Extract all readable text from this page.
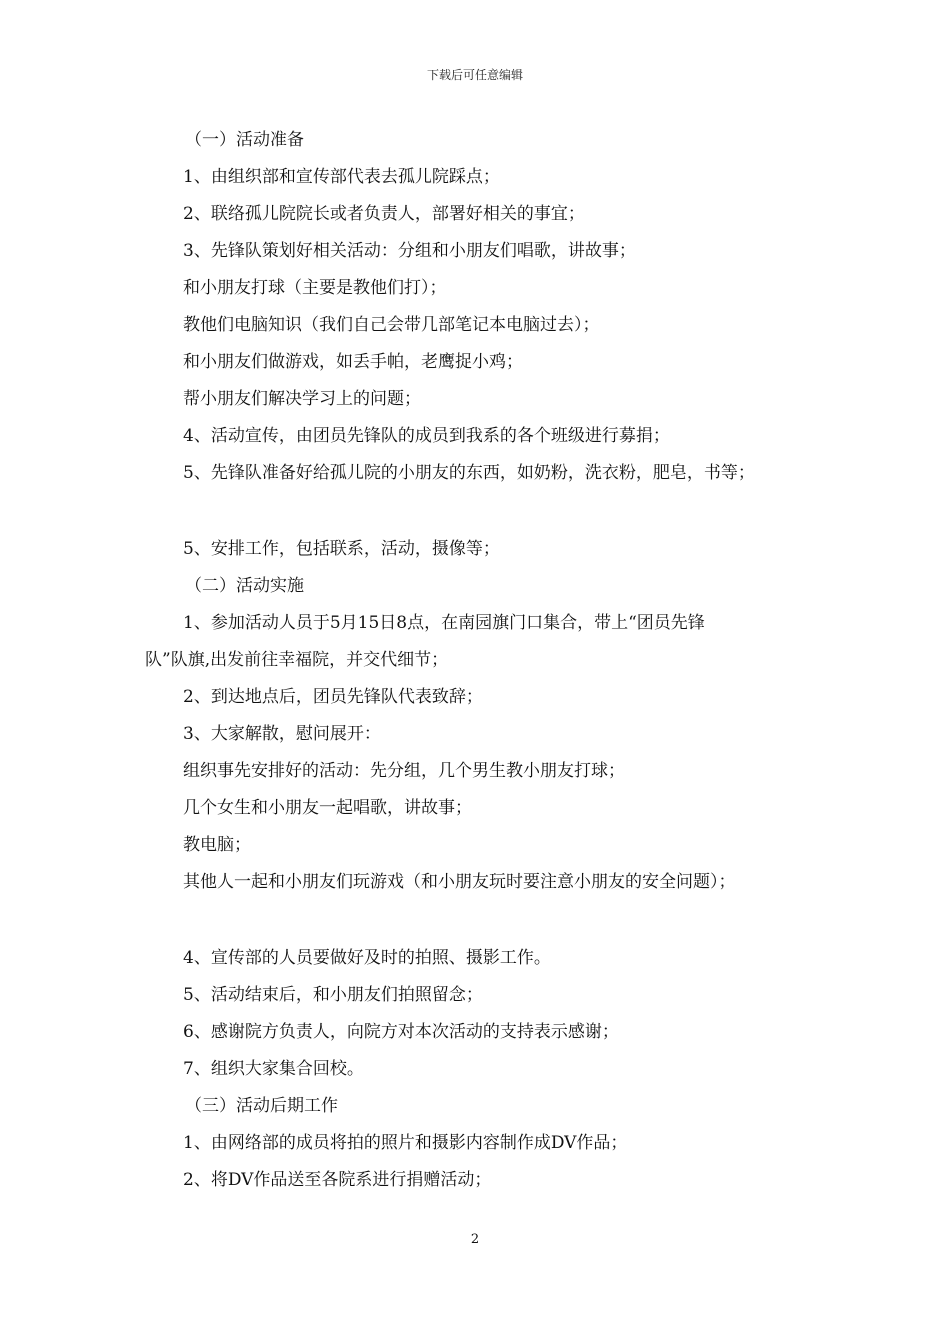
下载后可任意编辑
（一）活动准备
1、由组织部和宣传部代表去孤儿院踩点；
2、联络孤儿院院长或者负责人，部署好相关的事宜；
3、先锋队策划好相关活动：分组和小朋友们唱歌，讲故事；
和小朋友打球（主要是教他们打）；
教他们电脑知识（我们自己会带几部笔记本电脑过去）；
和小朋友们做游戏，如丢手帕，老鹰捉小鸡；
帮小朋友们解决学习上的问题；
4、活动宣传，由团员先锋队的成员到我系的各个班级进行募捐；
5、先锋队准备好给孤儿院的小朋友的东西，如奶粉，洗衣粉，肥皂，书等；
5、安排工作，包括联系，活动，摄像等；
（二）活动实施
1、参加活动人员于5月15日8点，在南园旗门口集合，带上“团员先锋
队”队旗,出发前往幸福院，并交代细节；
2、到达地点后，团员先锋队代表致辞；
3、大家解散，慰问展开：
组织事先安排好的活动：先分组，几个男生教小朋友打球；
几个女生和小朋友一起唱歌，讲故事；
教电脑；
其他人一起和小朋友们玩游戏（和小朋友玩时要注意小朋友的安全问题）；
4、宣传部的人员要做好及时的拍照、摄影工作。
5、活动结束后，和小朋友们拍照留念；
6、感谢院方负责人，向院方对本次活动的支持表示感谢；
7、组织大家集合回校。
（三）活动后期工作
1、由网络部的成员将拍的照片和摄影内容制作成DV作品；
2、将DV作品送至各院系进行捐赠活动；
2
